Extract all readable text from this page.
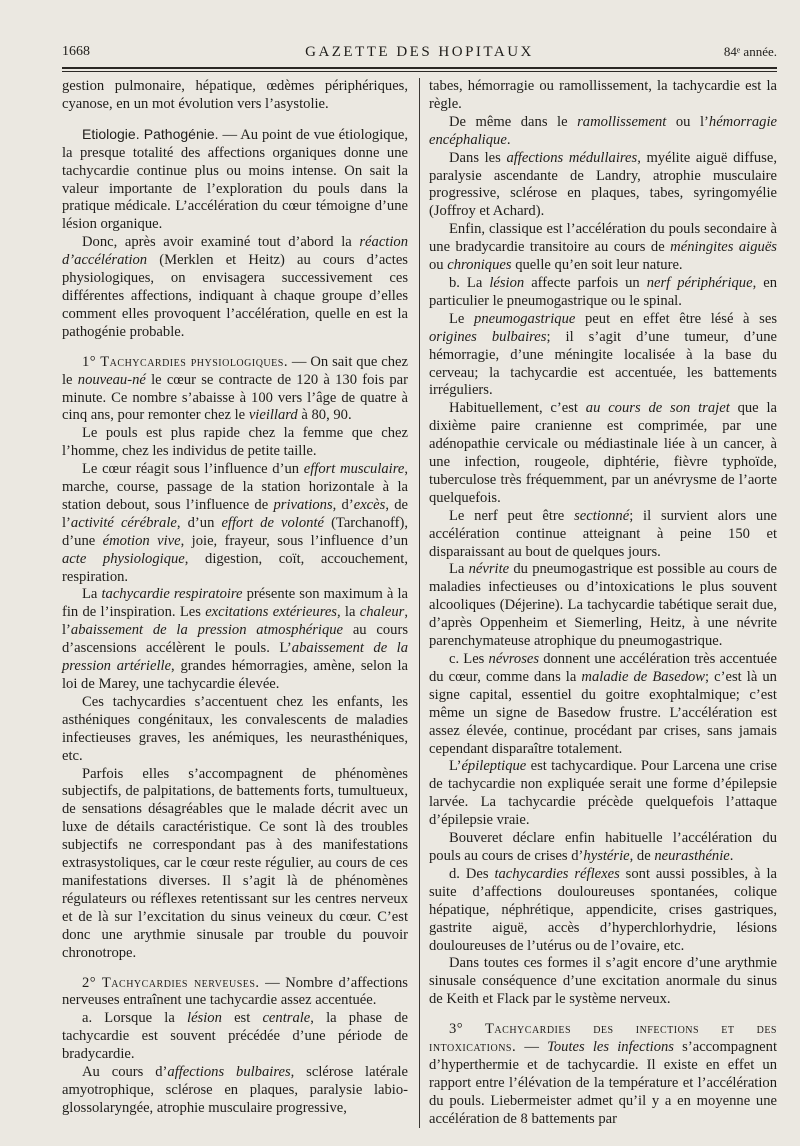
1668	GAZETTE DES HOPITAUX	84ᵉ année.

gestion pulmonaire, hépatique, œdèmes périphériques, cyanose, en un mot évolution vers l’asystolie.

Etiologie. Pathogénie. — Au point de vue étiologique, la presque totalité des affections organiques donne une tachycardie continue plus ou moins intense. On sait la valeur importante de l’exploration du pouls dans la pratique médicale. L’accélération du cœur témoigne d’une lésion organique.

Donc, après avoir examiné tout d’abord la réaction d’accélération (Merklen et Heitz) au cours d’actes physiologiques, on envisagera successivement ces différentes affections, indiquant à chaque groupe d’elles comment elles provoquent l’accélération, quelle en est la pathogénie probable.

1° Tachycardies physiologiques. — On sait que chez le nouveau-né le cœur se contracte de 120 à 130 fois par minute. Ce nombre s’abaisse à 100 vers l’âge de quatre à cinq ans, pour remonter chez le vieillard à 80, 90.

Le pouls est plus rapide chez la femme que chez l’homme, chez les individus de petite taille.

Le cœur réagit sous l’influence d’un effort musculaire, marche, course, passage de la station horizontale à la station debout, sous l’influence de privations, d’excès, de l’activité cérébrale, d’un effort de volonté (Tarchanoff), d’une émotion vive, joie, frayeur, sous l’influence d’un acte physiologique, digestion, coït, accouchement, respiration.

La tachycardie respiratoire présente son maximum à la fin de l’inspiration. Les excitations extérieures, la chaleur, l’abaissement de la pression atmosphérique au cours d’ascensions accélèrent le pouls. L’abaissement de la pression artérielle, grandes hémorragies, amène, selon la loi de Marey, une tachycardie élevée.

Ces tachycardies s’accentuent chez les enfants, les asthéniques congénitaux, les convalescents de maladies infectieuses graves, les anémiques, les neurasthéniques, etc.

Parfois elles s’accompagnent de phénomènes subjectifs, de palpitations, de battements forts, tumultueux, de sensations désagréables que le malade décrit avec un luxe de détails caractéristique. Ce sont là des troubles subjectifs ne correspondant pas à des manifestations extrasystoliques, car le cœur reste régulier, au cours de ces manifestations diverses. Il s’agit là de phénomènes régulateurs ou réflexes retentissant sur les centres nerveux et de là sur l’excitation du sinus veineux du cœur. C’est donc une arythmie sinusale par trouble du pouvoir chronotrope.

2° Tachycardies nerveuses. — Nombre d’affections nerveuses entraînent une tachycardie assez accentuée.

a. Lorsque la lésion est centrale, la phase de tachycardie est souvent précédée d’une période de bradycardie.

Au cours d’affections bulbaires, sclérose latérale amyotrophique, sclérose en plaques, paralysie labio-glossolaryngée, atrophie musculaire progressive,

tabes, hémorragie ou ramollissement, la tachycardie est la règle.

De même dans le ramollissement ou l’hémorragie encéphalique.

Dans les affections médullaires, myélite aiguë diffuse, paralysie ascendante de Landry, atrophie musculaire progressive, sclérose en plaques, tabes, syringomyélie (Joffroy et Achard).

Enfin, classique est l’accélération du pouls secondaire à une bradycardie transitoire au cours de méningites aiguës ou chroniques quelle qu’en soit leur nature.

b. La lésion affecte parfois un nerf périphérique, en particulier le pneumogastrique ou le spinal.

Le pneumogastrique peut en effet être lésé à ses origines bulbaires; il s’agit d’une tumeur, d’une hémorragie, d’une méningite localisée à la base du cerveau; la tachycardie est accentuée, les battements irréguliers.

Habituellement, c’est au cours de son trajet que la dixième paire cranienne est comprimée, par une adénopathie cervicale ou médiastinale liée à un cancer, à une infection, rougeole, diphtérie, fièvre typhoïde, tuberculose très fréquemment, par un anévrysme de l’aorte quelquefois.

Le nerf peut être sectionné; il survient alors une accélération continue atteignant à peine 150 et disparaissant au bout de quelques jours.

La névrite du pneumogastrique est possible au cours de maladies infectieuses ou d’intoxications le plus souvent alcooliques (Déjerine). La tachycardie tabétique serait due, d’après Oppenheim et Siemerling, Heitz, à une névrite parenchymateuse atrophique du pneumogastrique.

c. Les névroses donnent une accélération très accentuée du cœur, comme dans la maladie de Basedow; c’est là un signe capital, essentiel du goitre exophtalmique; c’est même un signe de Basedow frustre. L’accélération est assez élevée, continue, procédant par crises, sans jamais cependant disparaître totalement.

L’épileptique est tachycardique. Pour Larcena une crise de tachycardie non expliquée serait une forme d’épilepsie larvée. La tachycardie précède quelquefois l’attaque d’épilepsie vraie.

Bouveret déclare enfin habituelle l’accélération du pouls au cours de crises d’hystérie, de neurasthénie.

d. Des tachycardies réflexes sont aussi possibles, à la suite d’affections douloureuses spontanées, colique hépatique, néphrétique, appendicite, crises gastriques, gastrite aiguë, accès d’hyperchlorhydrie, lésions douloureuses de l’utérus ou de l’ovaire, etc.

Dans toutes ces formes il s’agit encore d’une arythmie sinusale conséquence d’une excitation anormale du sinus de Keith et Flack par le système nerveux.

3° Tachycardies des infections et des intoxications. — Toutes les infections s’accompagnent d’hyperthermie et de tachycardie. Il existe en effet un rapport entre l’élévation de la température et l’accélération du pouls. Liebermeister admet qu’il y a en moyenne une accélération de 8 battements par
